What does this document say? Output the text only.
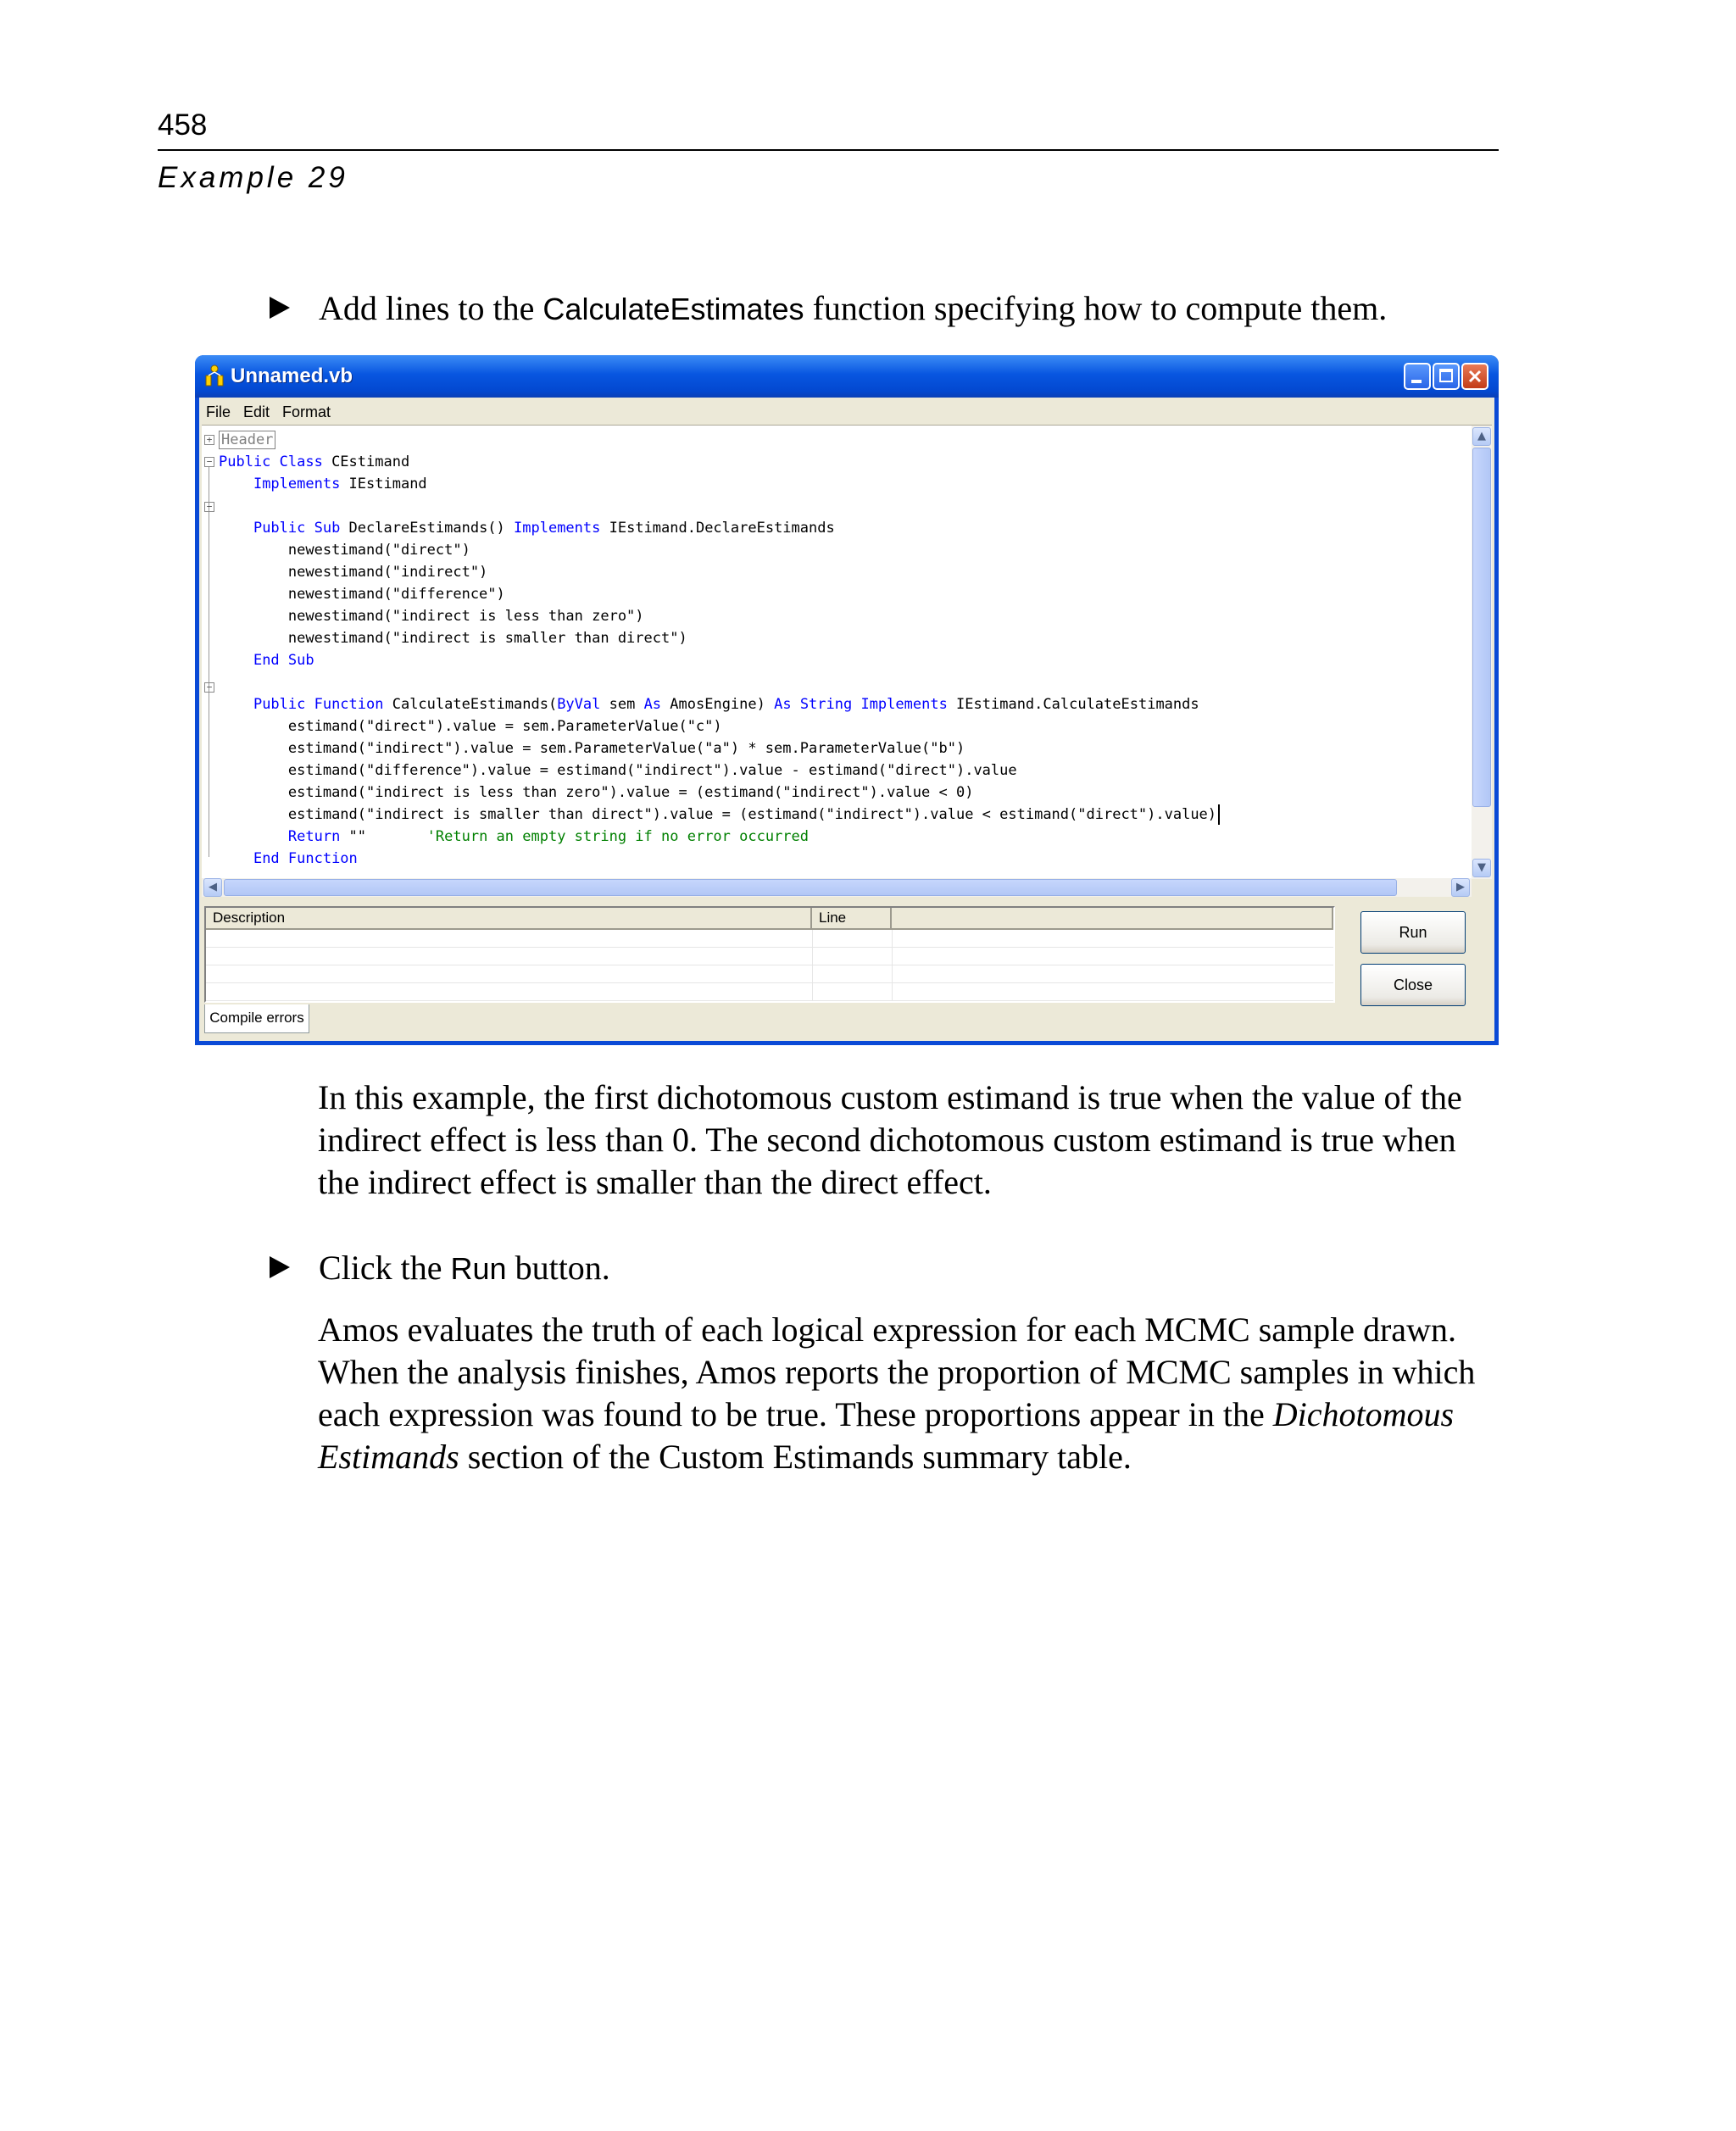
458
Example 29
Add lines to the CalculateEstimates function specifying how to compute them.
Unnamed.vb
File Edit Format
+
−
−
−
Header
Public Class CEstimand
Implements IEstimand
Public Sub DeclareEstimands() Implements IEstimand.DeclareEstimands
newestimand("direct")
newestimand("indirect")
newestimand("difference")
newestimand("indirect is less than zero")
newestimand("indirect is smaller than direct")
End Sub
Public Function CalculateEstimands(ByVal sem As AmosEngine) As String Implements IEstimand.CalculateEstimands
estimand("direct").value = sem.ParameterValue("c")
estimand("indirect").value = sem.ParameterValue("a") * sem.ParameterValue("b")
estimand("difference").value = estimand("indirect").value - estimand("direct").value
estimand("indirect is less than zero").value = (estimand("indirect").value < 0)
estimand("indirect is smaller than direct").value = (estimand("indirect").value < estimand("direct").value)
Return ""       'Return an empty string if no error occurred
End Function
▲
▼
◀	▶
Description	Line
Compile errors
Run
Close
In this example, the first dichotomous custom estimand is true when the value of the indirect effect is less than 0. The second dichotomous custom estimand is true when the indirect effect is smaller than the direct effect.
Click the Run button.
Amos evaluates the truth of each logical expression for each MCMC sample drawn. When the analysis finishes, Amos reports the proportion of MCMC samples in which each expression was found to be true. These proportions appear in the Dichotomous Estimands section of the Custom Estimands summary table.
